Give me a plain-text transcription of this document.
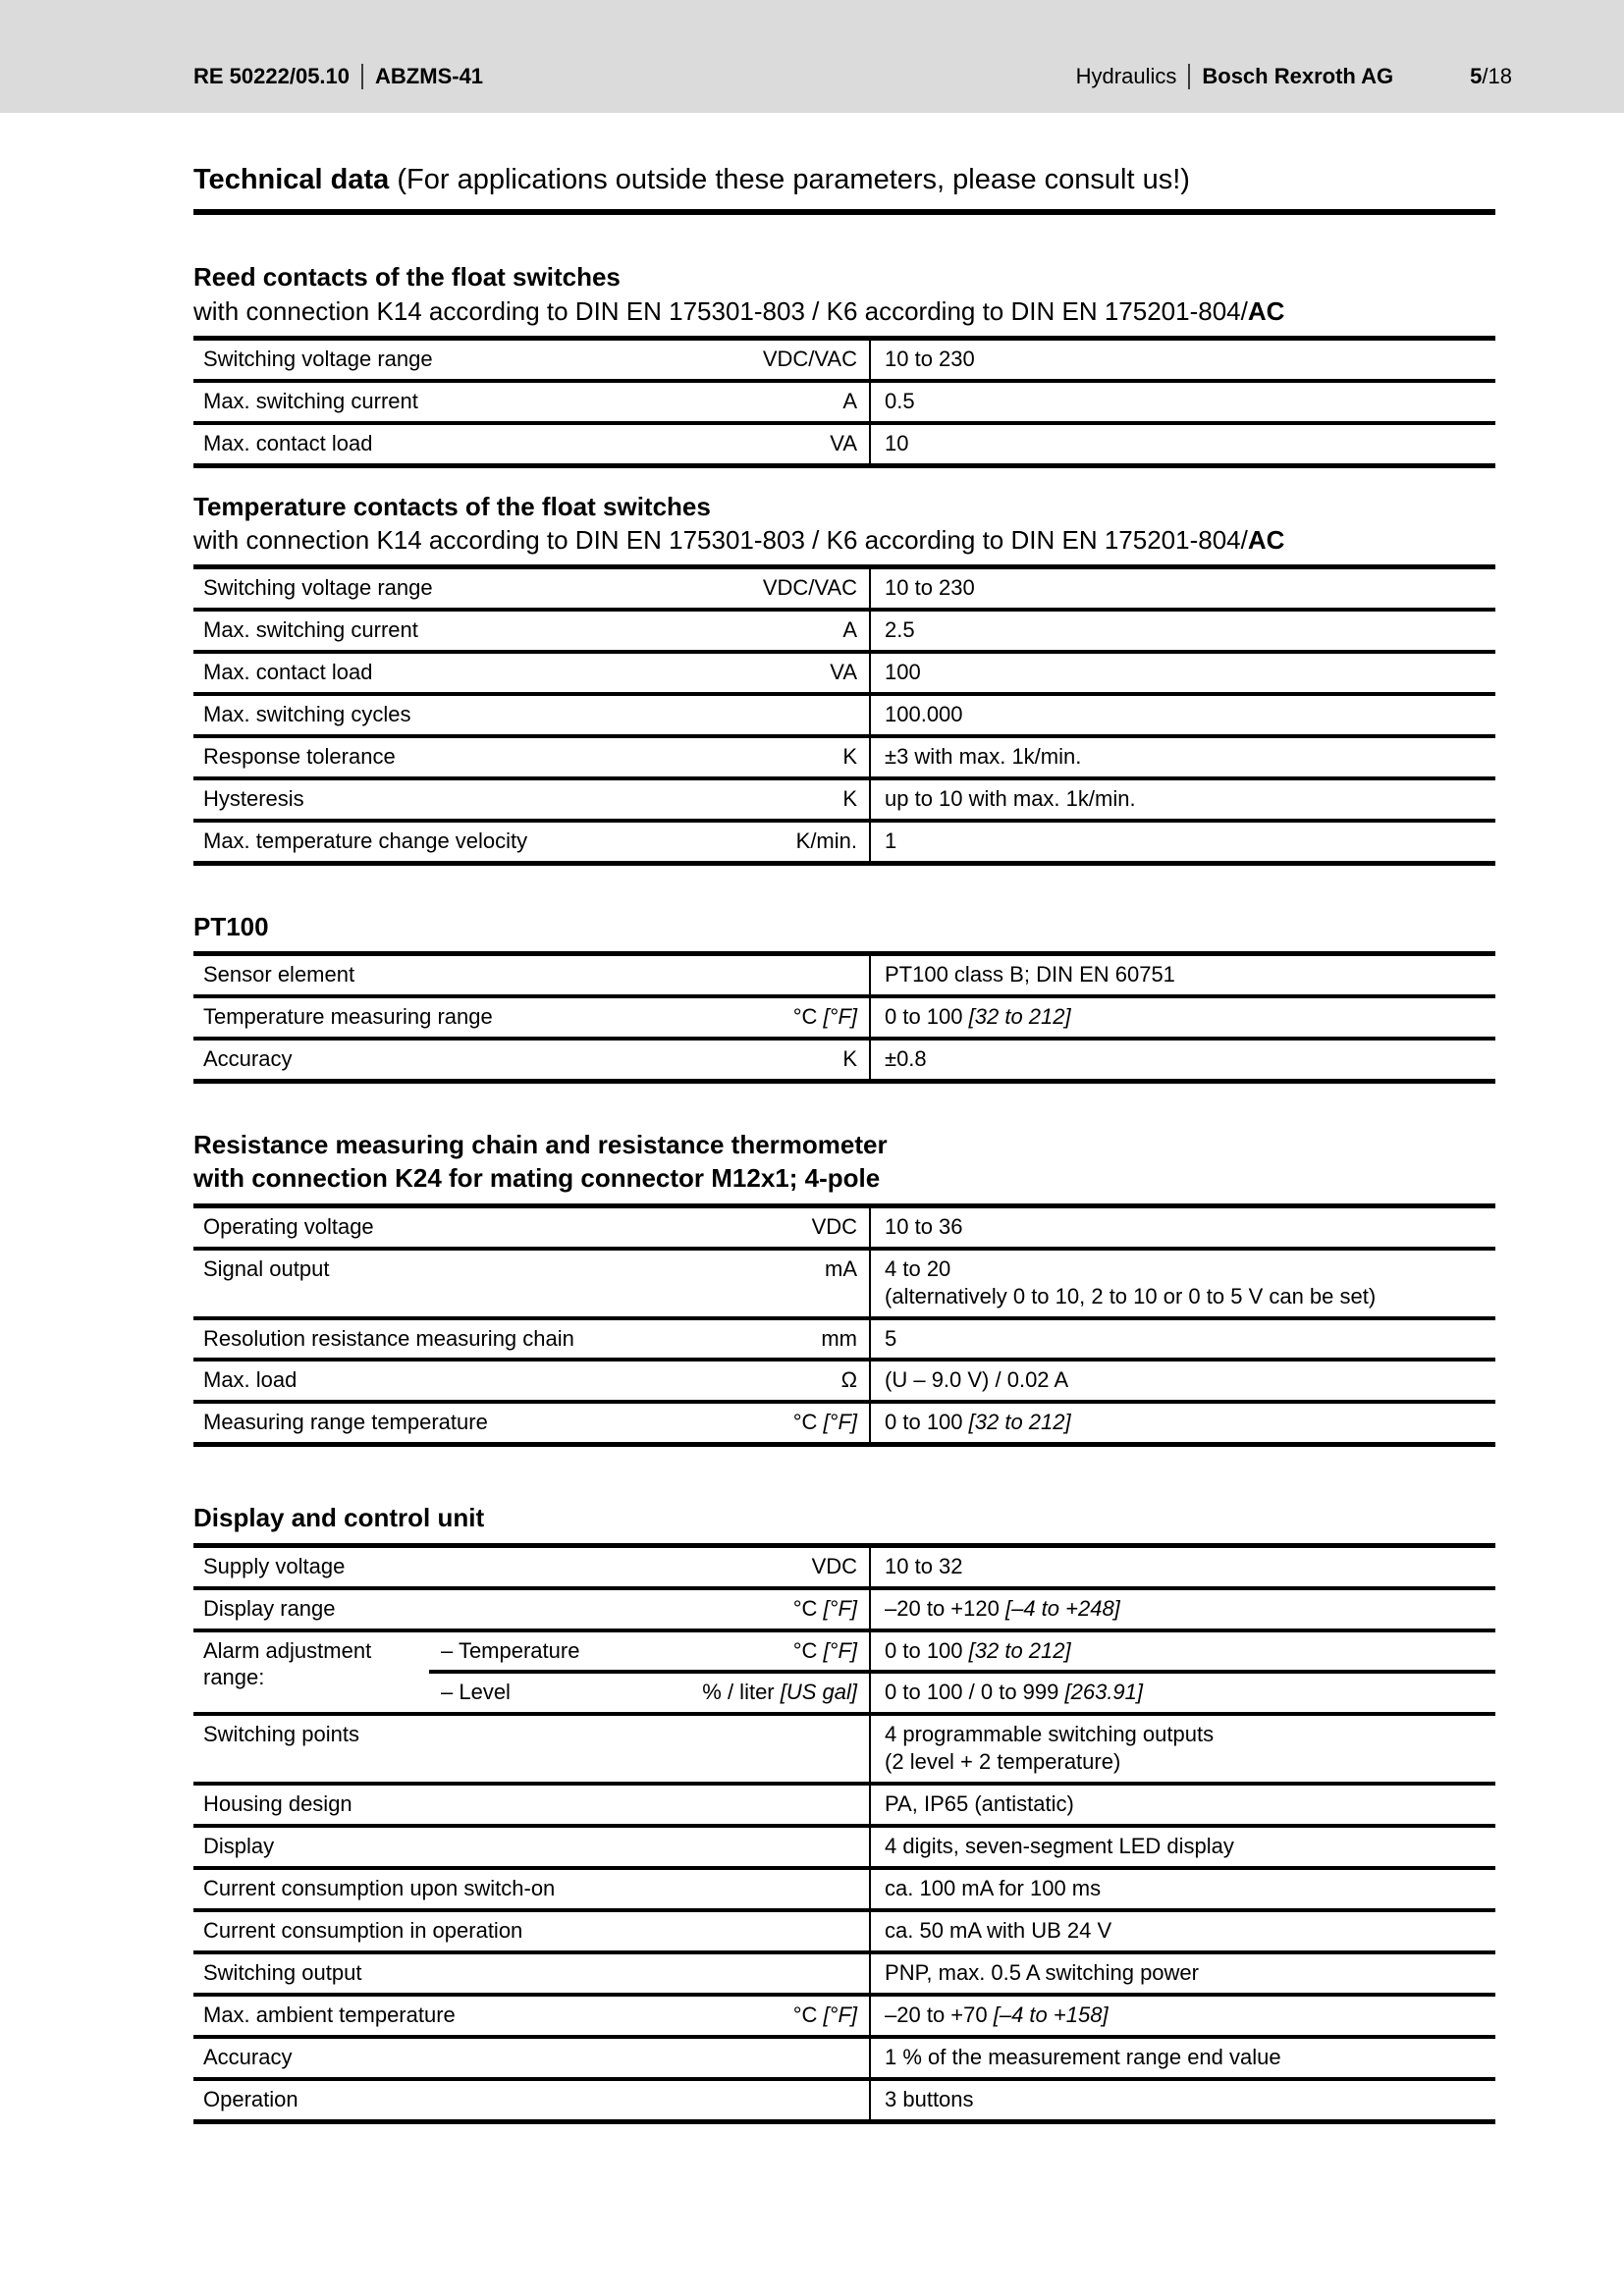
RE 50222/05.10 ABZMS-41	Hydraulics Bosch Rexroth AG	5/18
Technical data (For applications outside these parameters, please consult us!)
Reed contacts of the float switches

with connection K14 according to DIN EN 175301-803 / K6 according to DIN EN 175201-804/AC

Switching voltage range	VDC/VAC	10 to 230
Max. switching current	A	0.5
Max. contact load	VA	10
Temperature contacts of the float switches

with connection K14 according to DIN EN 175301-803 / K6 according to DIN EN 175201-804/AC

Switching voltage range	VDC/VAC	10 to 230
Max. switching current	A	2.5
Max. contact load	VA	100
Max. switching cycles		100.000
Response tolerance	K	±3 with max. 1k/min.
Hysteresis	K	up to 10 with max. 1k/min.
Max. temperature change velocity	K/min.	1
PT100
Sensor element		PT100 class B; DIN EN 60751
Temperature measuring range	°C [°F]	0 to 100 [32 to 212]
Accuracy	K	±0.8
Resistance measuring chain and resistance thermometer
with connection K24 for mating connector M12x1; 4-pole
Operating voltage	VDC	10 to 36
Signal output	mA	4 to 20
(alternatively 0 to 10, 2 to 10 or 0 to 5 V can be set)

Resolution resistance measuring chain	mm	5
Max. load	Ω	(U – 9.0 V) / 0.02 A
Measuring range temperature	°C [°F]	0 to 100 [32 to 212]
Display and control unit
Supply voltage		VDC	10 to 32
Display range		°C [°F]	–20 to +120 [–4 to +248]
Alarm adjustment range:	– Temperature	°C [°F]	0 to 100 [32 to 212]
	– Level	% / liter [US gal]	0 to 100 / 0 to 999 [263.91]
Switching points			4 programmable switching outputs
(2 level + 2 temperature)

Housing design			PA, IP65 (antistatic)
Display			4 digits, seven-segment LED display
Current consumption upon switch-on			ca. 100 mA for 100 ms
Current consumption in operation			ca. 50 mA with UB 24 V
Switching output			PNP, max. 0.5 A switching power
Max. ambient temperature		°C [°F]	–20 to +70 [–4 to +158]
Accuracy			1 % of the measurement range end value
Operation			3 buttons
